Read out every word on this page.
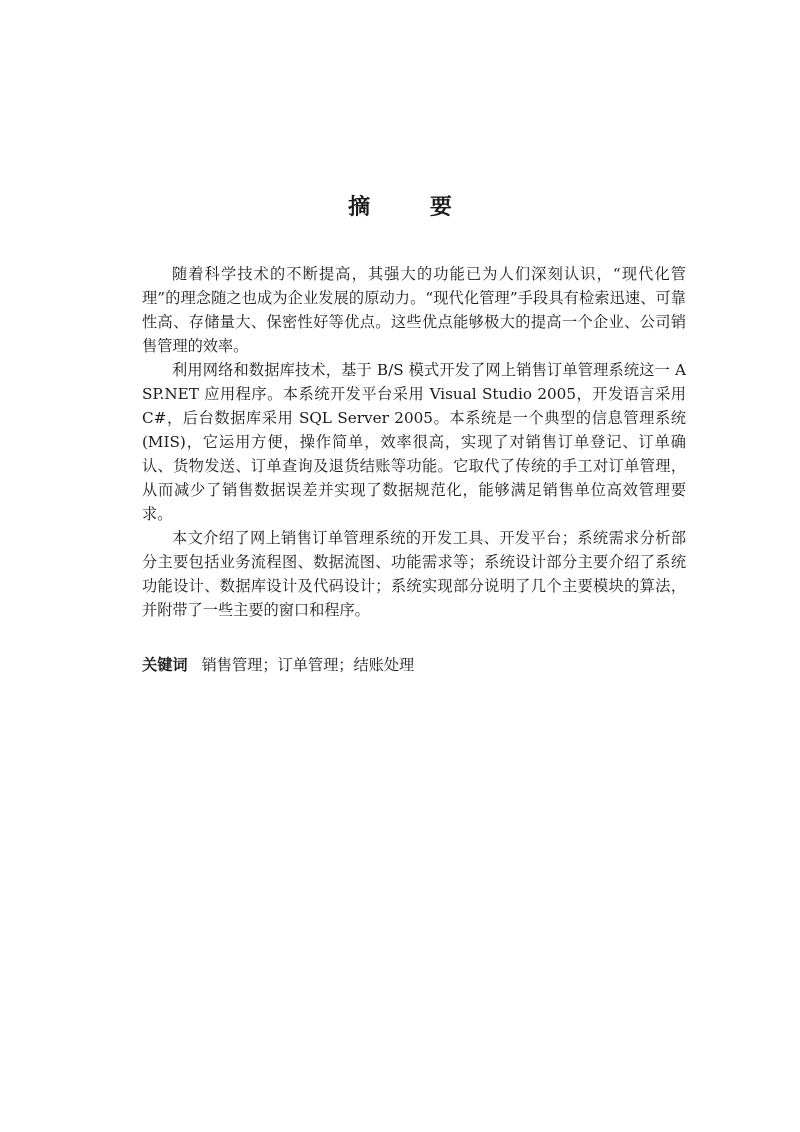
摘 要

随着科学技术的不断提高，其强大的功能已为人们深刻认识，“现代化管理”的理念随之也成为企业发展的原动力。“现代化管理”手段具有检索迅速、可靠性高、存储量大、保密性好等优点。这些优点能够极大的提高一个企业、公司销售管理的效率。

利用网络和数据库技术，基于 B/S 模式开发了网上销售订单管理系统这一 ASP.NET 应用程序。本系统开发平台采用 Visual Studio 2005，开发语言采用 C#，后台数据库采用 SQL Server 2005。本系统是一个典型的信息管理系统(MIS)，它运用方便，操作简单，效率很高，实现了对销售订单登记、订单确认、货物发送、订单查询及退货结账等功能。它取代了传统的手工对订单管理，从而减少了销售数据误差并实现了数据规范化，能够满足销售单位高效管理要求。

本文介绍了网上销售订单管理系统的开发工具、开发平台；系统需求分析部分主要包括业务流程图、数据流图、功能需求等；系统设计部分主要介绍了系统功能设计、数据库设计及代码设计；系统实现部分说明了几个主要模块的算法，并附带了一些主要的窗口和程序。

关键词 销售管理；订单管理；结账处理
